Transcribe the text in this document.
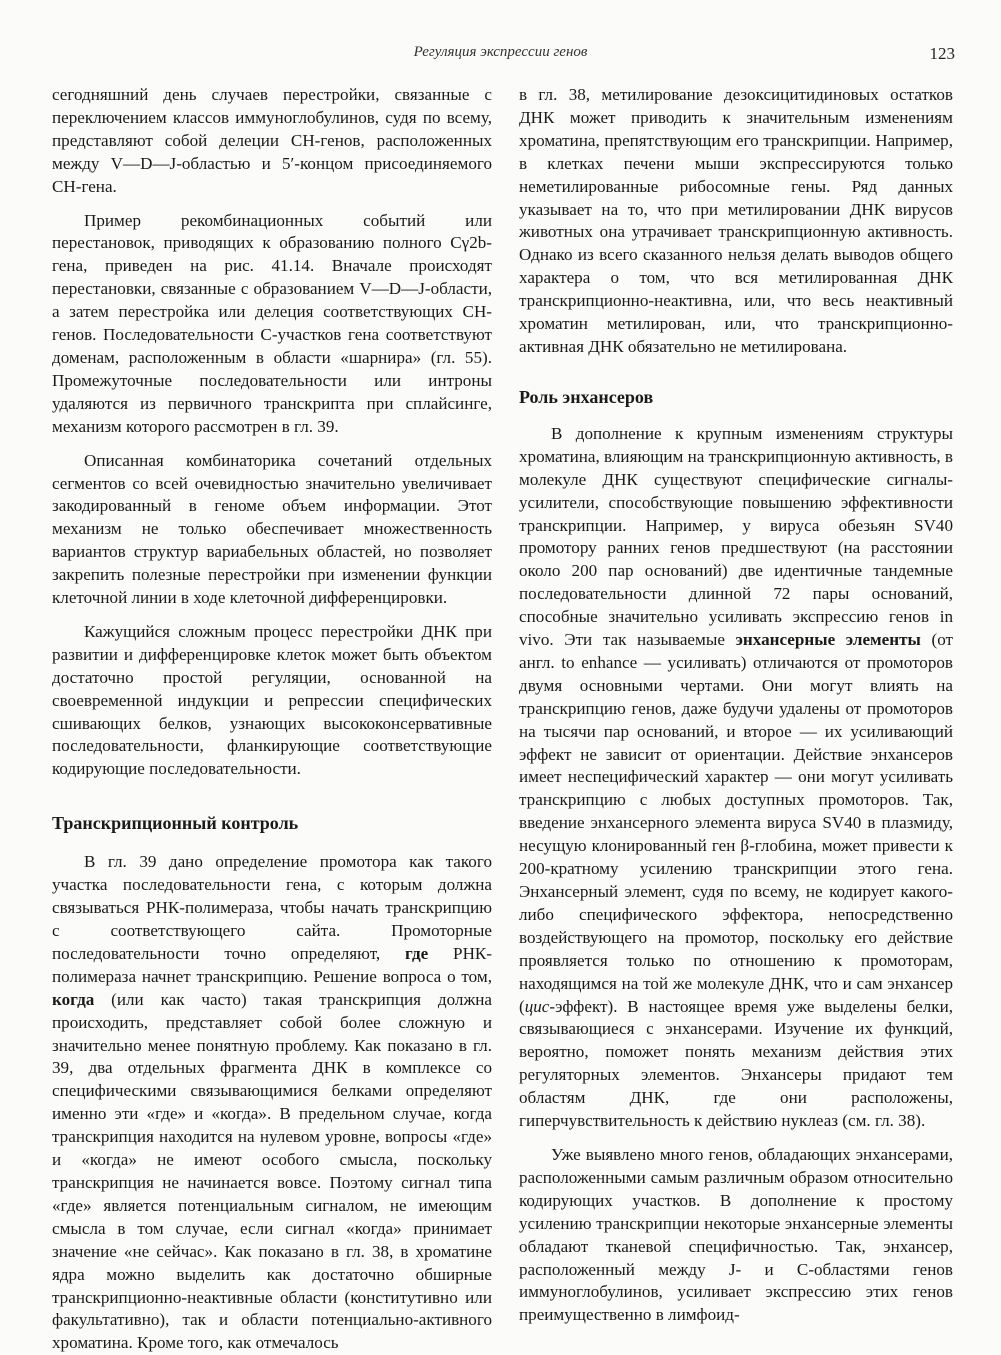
Регуляция экспрессии генов	123

сегодняшний день случаев перестройки, связанные с переключением классов иммуноглобулинов, судя по всему, представляют собой делеции CH-генов, расположенных между V—D—J-областью и 5′-концом присоединяемого CH-гена.

Пример рекомбинационных событий или перестановок, приводящих к образованию полного Cγ2b-гена, приведен на рис. 41.14. Вначале происходят перестановки, связанные с образованием V—D—J-области, а затем перестройка или делеция соответствующих CH-генов. Последовательности C-участков гена соответствуют доменам, расположенным в области «шарнира» (гл. 55). Промежуточные последовательности или интроны удаляются из первичного транскрипта при сплайсинге, механизм которого рассмотрен в гл. 39.

Описанная комбинаторика сочетаний отдельных сегментов со всей очевидностью значительно увеличивает закодированный в геноме объем информации. Этот механизм не только обеспечивает множественность вариантов структур вариабельных областей, но позволяет закрепить полезные перестройки при изменении функции клеточной линии в ходе клеточной дифференцировки.

Кажущийся сложным процесс перестройки ДНК при развитии и дифференцировке клеток может быть объектом достаточно простой регуляции, основанной на своевременной индукции и репрессии специфических сшивающих белков, узнающих высококонсервативные последовательности, фланкирующие соответствующие кодирующие последовательности.

Транскрипционный контроль

В гл. 39 дано определение промотора как такого участка последовательности гена, с которым должна связываться РНК-полимераза, чтобы начать транскрипцию с соответствующего сайта. Промоторные последовательности точно определяют, где РНК-полимераза начнет транскрипцию. Решение вопроса о том, когда (или как часто) такая транскрипция должна происходить, представляет собой более сложную и значительно менее понятную проблему. Как показано в гл. 39, два отдельных фрагмента ДНК в комплексе со специфическими связывающимися белками определяют именно эти «где» и «когда». В предельном случае, когда транскрипция находится на нулевом уровне, вопросы «где» и «когда» не имеют особого смысла, поскольку транскрипция не начинается вовсе. Поэтому сигнал типа «где» является потенциальным сигналом, не имеющим смысла в том случае, если сигнал «когда» принимает значение «не сейчас». Как показано в гл. 38, в хроматине ядра можно выделить как достаточно обширные транскрипционно-неактивные области (конститутивно или факультативно), так и области потенциально-активного хроматина. Кроме того, как отмечалось

в гл. 38, метилирование дезоксицитидиновых остатков ДНК может приводить к значительным изменениям хроматина, препятствующим его транскрипции. Например, в клетках печени мыши экспрессируются только неметилированные рибосомные гены. Ряд данных указывает на то, что при метилировании ДНК вирусов животных она утрачивает транскрипционную активность. Однако из всего сказанного нельзя делать выводов общего характера о том, что вся метилированная ДНК транскрипционно-неактивна, или, что весь неактивный хроматин метилирован, или, что транскрипционно-активная ДНК обязательно не метилирована.

Роль энхансеров

В дополнение к крупным изменениям структуры хроматина, влияющим на транскрипционную активность, в молекуле ДНК существуют специфические сигналы-усилители, способствующие повышению эффективности транскрипции. Например, у вируса обезьян SV40 промотору ранних генов предшествуют (на расстоянии около 200 пар оснований) две идентичные тандемные последовательности длинной 72 пары оснований, способные значительно усиливать экспрессию генов in vivo. Эти так называемые энхансерные элементы (от англ. to enhance — усиливать) отличаются от промоторов двумя основными чертами. Они могут влиять на транскрипцию генов, даже будучи удалены от промоторов на тысячи пар оснований, и второе — их усиливающий эффект не зависит от ориентации. Действие энхансеров имеет неспецифический характер — они могут усиливать транскрипцию с любых доступных промоторов. Так, введение энхансерного элемента вируса SV40 в плазмиду, несущую клонированный ген β-глобина, может привести к 200-кратному усилению транскрипции этого гена. Энхансерный элемент, судя по всему, не кодирует какого-либо специфического эффектора, непосредственно воздействующего на промотор, поскольку его действие проявляется только по отношению к промоторам, находящимся на той же молекуле ДНК, что и сам энхансер (цис-эффект). В настоящее время уже выделены белки, связывающиеся с энхансерами. Изучение их функций, вероятно, поможет понять механизм действия этих регуляторных элементов. Энхансеры придают тем областям ДНК, где они расположены, гиперчувствительность к действию нуклеаз (см. гл. 38).

Уже выявлено много генов, обладающих энхансерами, расположенными самым различным образом относительно кодирующих участков. В дополнение к простому усилению транскрипции некоторые энхансерные элементы обладают тканевой специфичностью. Так, энхансер, расположенный между J- и C-областями генов иммуноглобулинов, усиливает экспрессию этих генов преимущественно в лимфоид-
